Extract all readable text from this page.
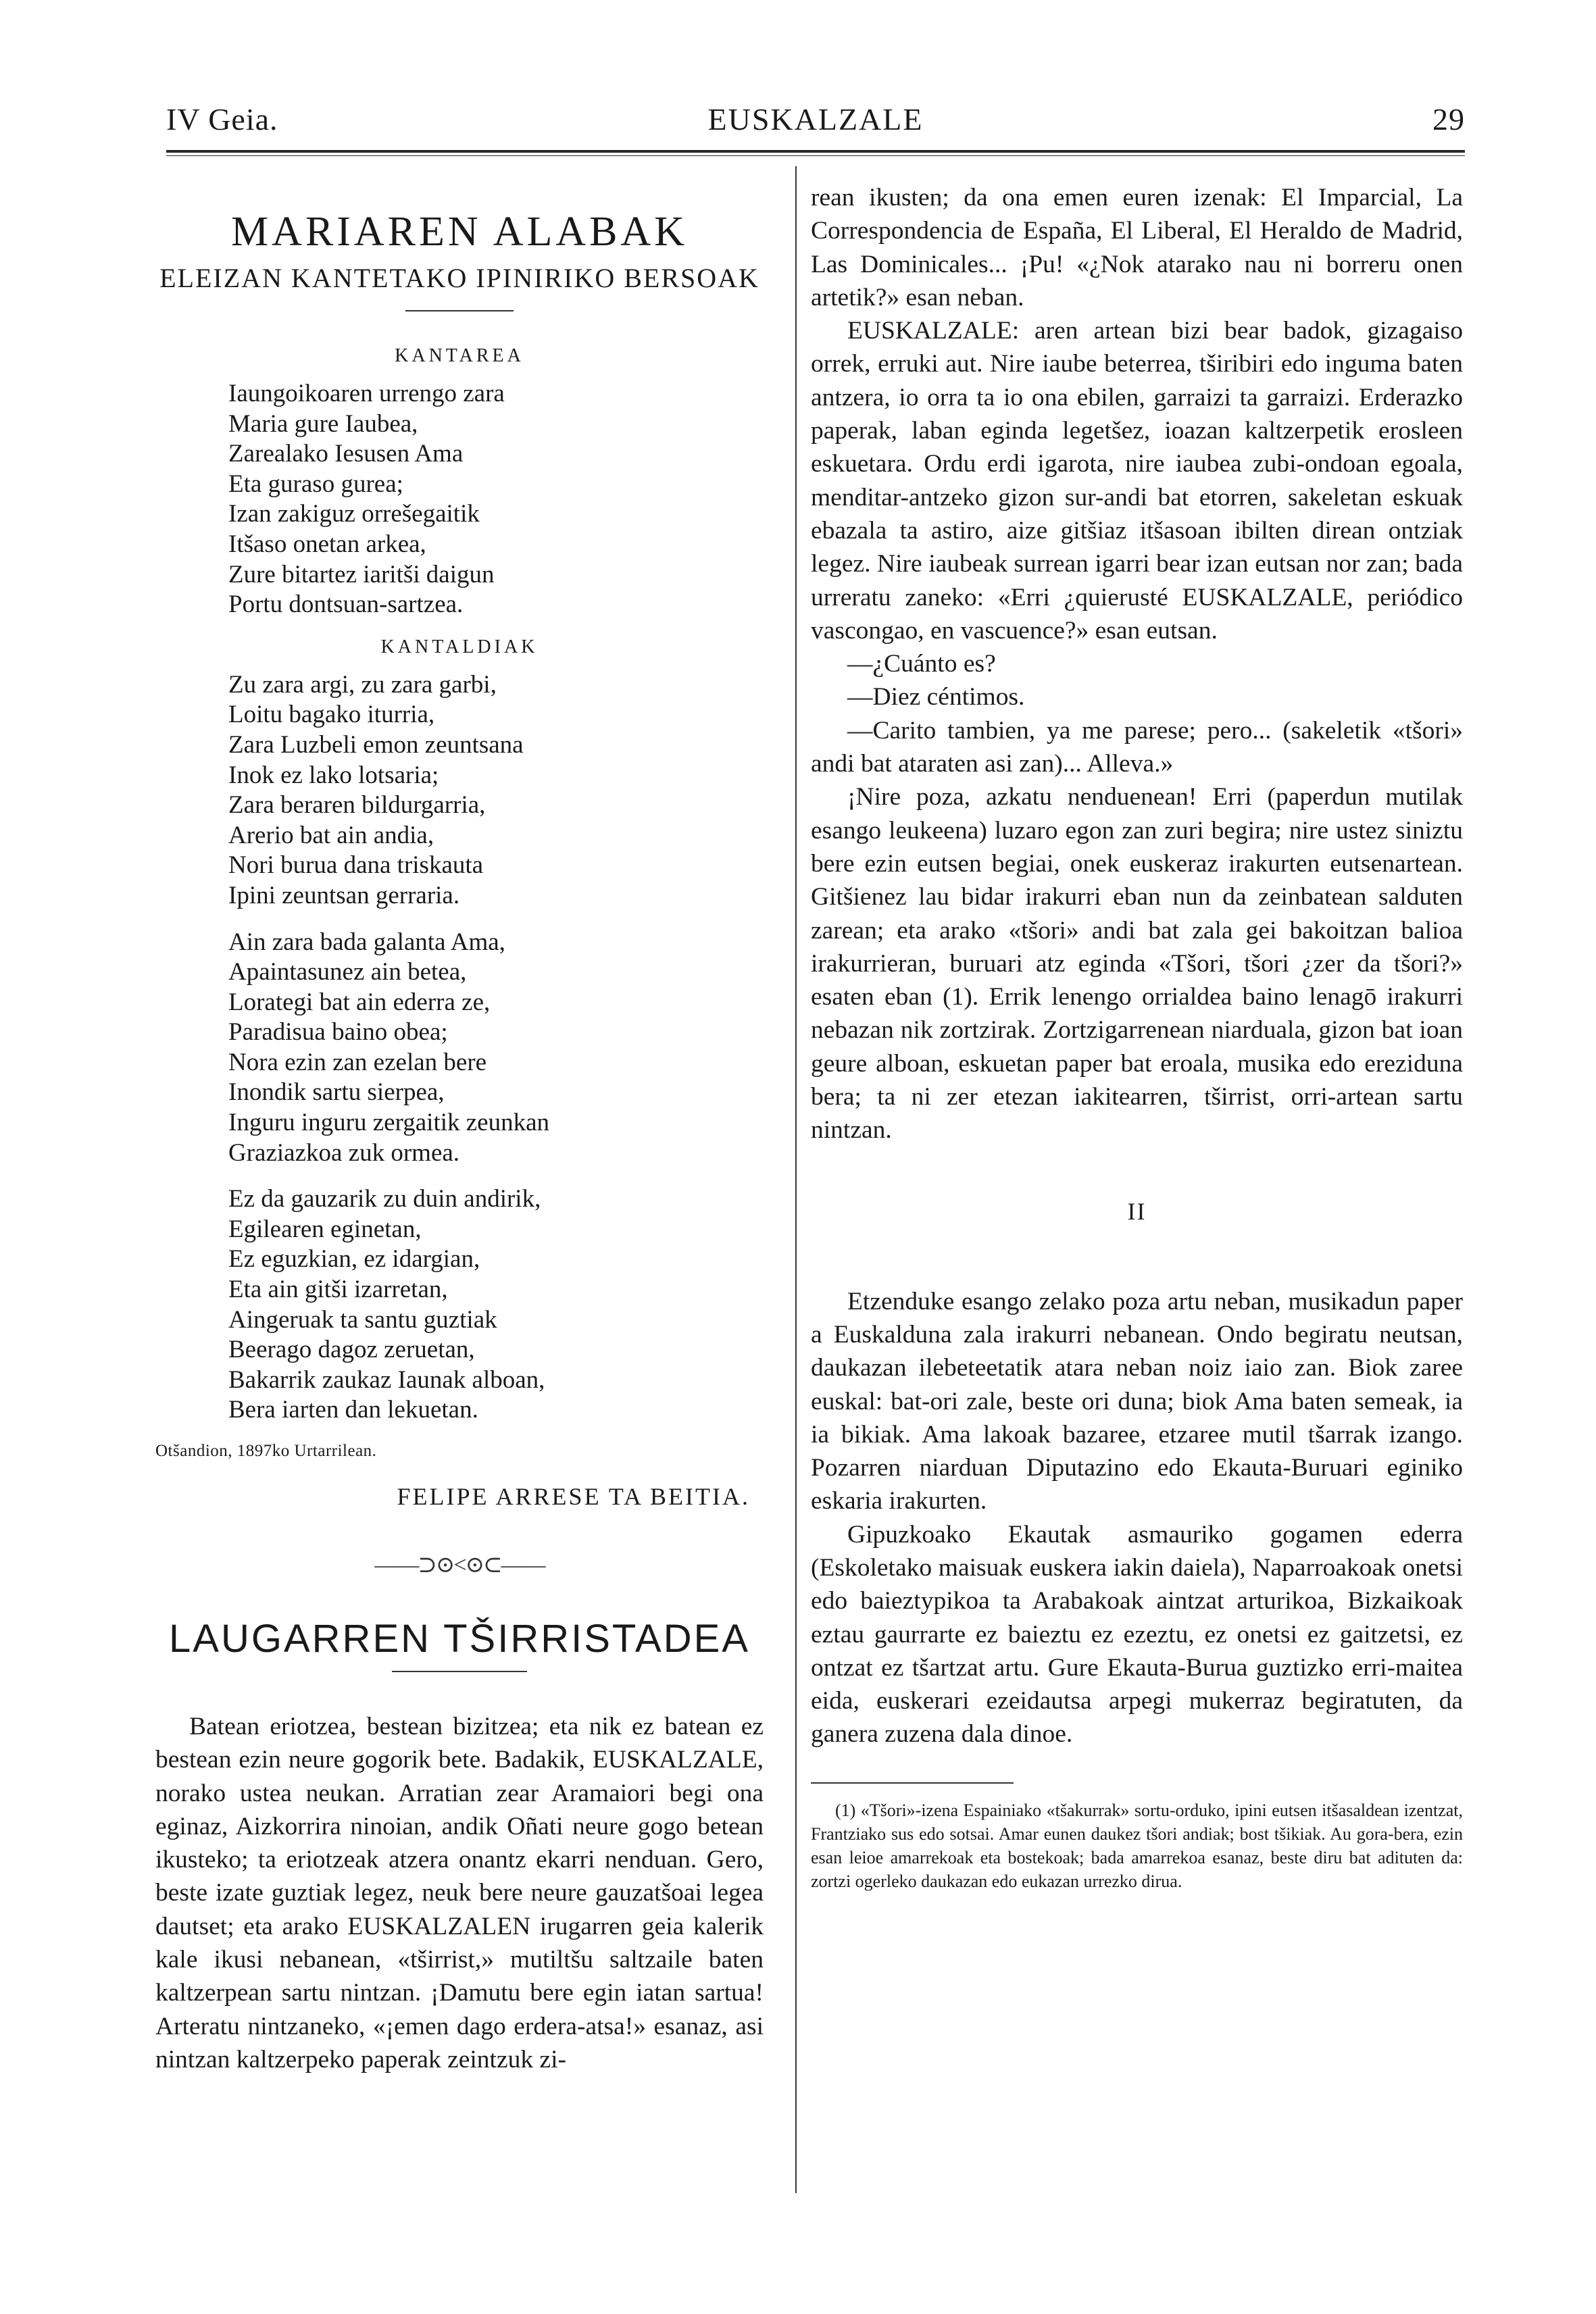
IV Geia.	EUSKALZALE	29
MARIAREN ALABAK
ELEIZAN KANTETAKO IPINIRIKO BERSOAK
KANTAREA
Iaungoikoaren urrengo zara
Maria gure Iaubea,
Zarealako Iesusen Ama
Eta guraso gurea;
Izan zakiguz orrešegaitik
Itšaso onetan arkea,
Zure bitartez iaritši daigun
Portu dontsuan-sartzea.
KANTALDIAK
Zu zara argi, zu zara garbi,
Loitu bagako iturria,
Zara Luzbeli emon zeuntsana
Inok ez lako lotsaria;
Zara beraren bildurgarria,
Arerio bat ain andia,
Nori burua dana triskauta
Ipini zeuntsan gerraria.
Ain zara bada galanta Ama,
Apaintasunez ain betea,
Lorategi bat ain ederra ze,
Paradisua baino obea;
Nora ezin zan ezelan bere
Inondik sartu sierpea,
Inguru inguru zergaitik zeunkan
Graziazkoa zuk ormea.
Ez da gauzarik zu duin andirik,
Egilearen eginetan,
Ez eguzkian, ez idargian,
Eta ain gitši izarretan,
Aingeruak ta santu guztiak
Beerago dagoz zeruetan,
Bakarrik zaukaz Iaunak alboan,
Bera iarten dan lekuetan.
Otšandion, 1897ko Urtarrilean.
FELIPE ARRESE TA BEITIA.
——⊃⊙<⊙⊂——
LAUGARREN TŠIRRISTADEA

Batean eriotzea, bestean bizitzea; eta nik ez batean ez bestean ezin neure gogorik bete. Badakik, EUSKALZALE, norako ustea neukan. Arratian zear Aramaiori begi ona eginaz, Aizkorrira ninoian, andik Oñati neure gogo betean ikusteko; ta eriotzeak atzera onantz ekarri nenduan. Gero, beste izate guztiak legez, neuk bere neure gauzatšoai legea dautset; eta arako EUSKALZALEN irugarren geia kalerik kale ikusi nebanean, «tširrist,» mutiltšu saltzaile baten kaltzerpean sartu nintzan. ¡Damutu bere egin iatan sartua! Arteratu nintzaneko, «¡emen dago erdera-atsa!» esanaz, asi nintzan kaltzerpeko paperak zeintzuk zi-

rean ikusten; da ona emen euren izenak: El Imparcial, La Correspondencia de España, El Liberal, El Heraldo de Madrid, Las Dominicales... ¡Pu! «¿Nok atarako nau ni borreru onen artetik?» esan neban.

EUSKALZALE: aren artean bizi bear badok, gizagaiso orrek, erruki aut. Nire iaube beterrea, tširibiri edo inguma baten antzera, io orra ta io ona ebilen, garraizi ta garraizi. Erderazko paperak, laban eginda legetšez, ioazan kaltzerpetik erosleen eskuetara. Ordu erdi igarota, nire iaubea zubi-ondoan egoala, menditar-antzeko gizon sur-andi bat etorren, sakeletan eskuak ebazala ta astiro, aize gitšiaz itšasoan ibilten direan ontziak legez. Nire iaubeak surrean igarri bear izan eutsan nor zan; bada urreratu zaneko: «Erri ¿quierusté EUSKALZALE, periódico vascongao, en vascuence?» esan eutsan.

—¿Cuánto es?

—Diez céntimos.

—Carito tambien, ya me parese; pero... (sakeletik «tšori» andi bat ataraten asi zan)... Alleva.»

¡Nire poza, azkatu nenduenean! Erri (paperdun mutilak esango leukeena) luzaro egon zan zuri begira; nire ustez siniztu bere ezin eutsen begiai, onek euskeraz irakurten eutsenartean. Gitšienez lau bidar irakurri eban nun da zeinbatean salduten zarean; eta arako «tšori» andi bat zala gei bakoitzan balioa irakurrieran, buruari atz eginda «Tšori, tšori ¿zer da tšori?» esaten eban (1). Errik lenengo orrialdea baino lenagō irakurri nebazan nik zortzirak. Zortzigarrenean niarduala, gizon bat ioan geure alboan, eskuetan paper bat eroala, musika edo erezidunа bera; ta ni zer etezan iakitearren, tširrist, orri-artean sartu nintzan.

II

Etzenduke esango zelako poza artu neban, musikadun paper a Euskalduna zala irakurri nebanean. Ondo begiratu neutsan, daukazan ilebeteetatik atara neban noiz iaio zan. Biok zaree euskal: bat-ori zale, beste ori duna; biok Ama baten semeak, ia ia bikiak. Ama lakoak bazaree, etzaree mutil tšarrak izango. Pozarren niarduan Diputazino edo Ekauta-Buruari eginiko eskaria irakurten.

Gipuzkoako Ekautak asmauriko gogamen ederra (Eskoletako maisuak euskera iakin daiela), Naparroakoak onetsi edo baieztурikoa ta Arabakoak aintzat arturikoa, Bizkaikoak eztau gaurrarte ez baieztu ez ezeztu, ez onetsi ez gaitzetsi, ez ontzat ez tšartzat artu. Gure Ekauta-Burua guztizko erri-maitea eida, euskerari ezeidautsa arpegi mukerraz begiratuten, da ganera zuzena dala dinoe.

(1) «Tšori»-izena Espainiako «tšakurrak» sortu-orduko, ipini eutsen itšasaldean izentzat, Frantziako sus edo sotsai. Amar eunen daukez tšori andiak; bost tšikiak. Au gora-bera, ezin esan leioe amarrekoak eta bostekoak; bada amarrekoa esanaz, beste diru bat adituten da: zortzi ogerleko daukazan edo eukazan urrezko dirua.
